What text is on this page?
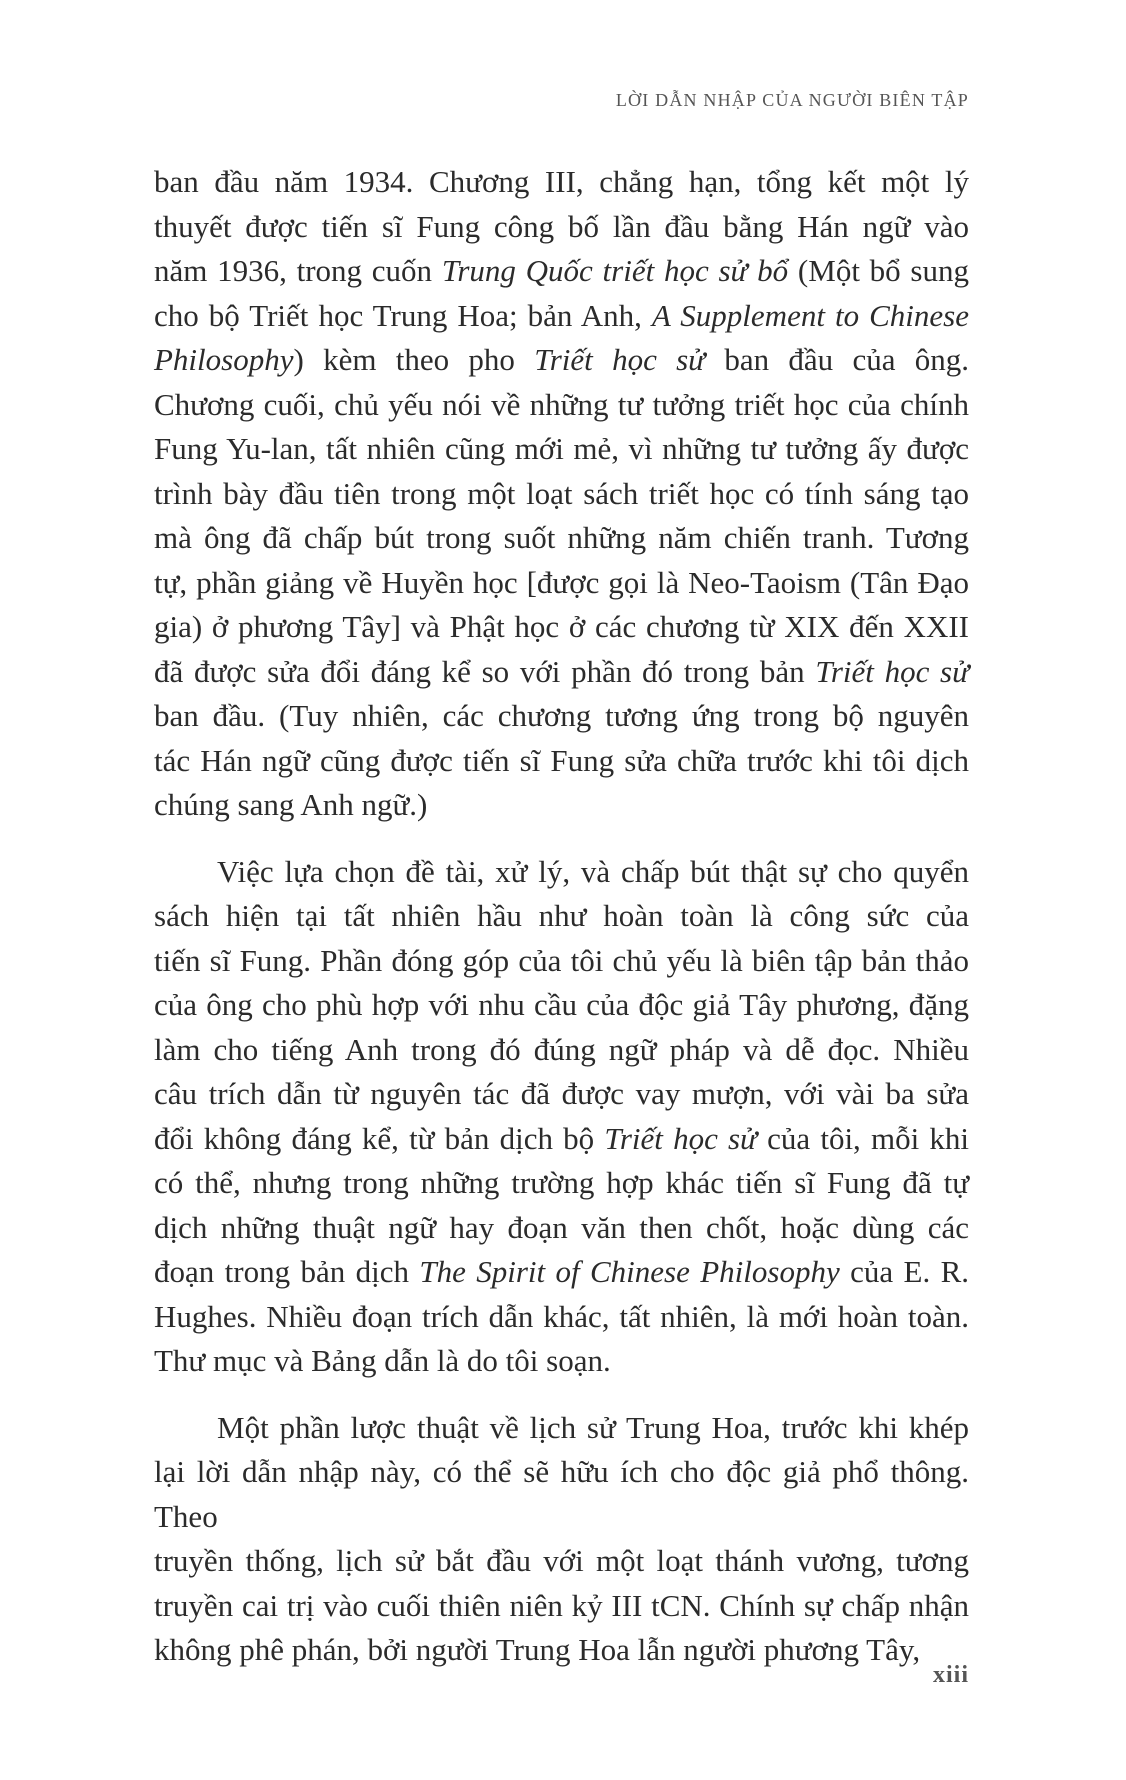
LỜI DẪN NHẬP CỦA NGƯỜI BIÊN TẬP

ban đầu năm 1934. Chương III, chẳng hạn, tổng kết một lý
thuyết được tiến sĩ Fung công bố lần đầu bằng Hán ngữ vào
năm 1936, trong cuốn Trung Quốc triết học sử bổ (Một bổ sung
cho bộ Triết học Trung Hoa; bản Anh, A Supplement to Chinese
Philosophy) kèm theo pho Triết học sử ban đầu của ông.
Chương cuối, chủ yếu nói về những tư tưởng triết học của chính
Fung Yu-lan, tất nhiên cũng mới mẻ, vì những tư tưởng ấy được
trình bày đầu tiên trong một loạt sách triết học có tính sáng tạo
mà ông đã chấp bút trong suốt những năm chiến tranh. Tương
tự, phần giảng về Huyền học [được gọi là Neo-Taoism (Tân Đạo
gia) ở phương Tây] và Phật học ở các chương từ XIX đến XXII
đã được sửa đổi đáng kể so với phần đó trong bản Triết học sử
ban đầu. (Tuy nhiên, các chương tương ứng trong bộ nguyên
tác Hán ngữ cũng được tiến sĩ Fung sửa chữa trước khi tôi dịch
chúng sang Anh ngữ.)

Việc lựa chọn đề tài, xử lý, và chấp bút thật sự cho quyển
sách hiện tại tất nhiên hầu như hoàn toàn là công sức của
tiến sĩ Fung. Phần đóng góp của tôi chủ yếu là biên tập bản thảo
của ông cho phù hợp với nhu cầu của độc giả Tây phương, đặng
làm cho tiếng Anh trong đó đúng ngữ pháp và dễ đọc. Nhiều
câu trích dẫn từ nguyên tác đã được vay mượn, với vài ba sửa
đổi không đáng kể, từ bản dịch bộ Triết học sử của tôi, mỗi khi
có thể, nhưng trong những trường hợp khác tiến sĩ Fung đã tự
dịch những thuật ngữ hay đoạn văn then chốt, hoặc dùng các
đoạn trong bản dịch The Spirit of Chinese Philosophy của E. R.
Hughes. Nhiều đoạn trích dẫn khác, tất nhiên, là mới hoàn toàn.
Thư mục và Bảng dẫn là do tôi soạn.

Một phần lược thuật về lịch sử Trung Hoa, trước khi khép
lại lời dẫn nhập này, có thể sẽ hữu ích cho độc giả phổ thông. Theo
truyền thống, lịch sử bắt đầu với một loạt thánh vương, tương
truyền cai trị vào cuối thiên niên kỷ III tCN. Chính sự chấp nhận
không phê phán, bởi người Trung Hoa lẫn người phương Tây,

xiii
